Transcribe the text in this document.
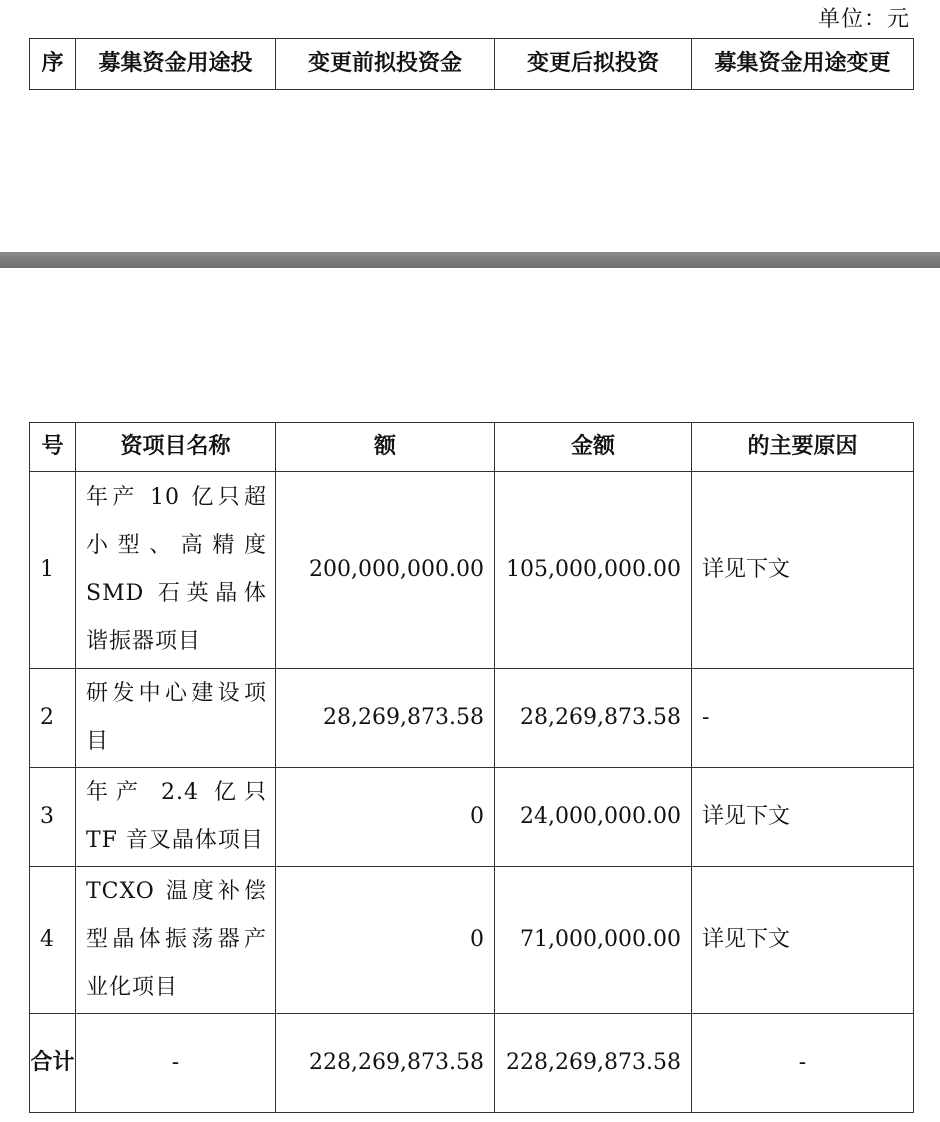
单位：元
序	募集资金用途投	变更前拟投资金	变更后拟投资	募集资金用途变更
号	资项目名称	额	金额	的主要原因
1	年产 10 亿只超小型、高精度 SMD 石英晶体谐振器项目	200,000,000.00	105,000,000.00	详见下文
2	研发中心建设项目	28,269,873.58	28,269,873.58	-
3	年产 2.4 亿只 TF 音叉晶体项目	0	24,000,000.00	详见下文
4	TCXO 温度补偿型晶体振荡器产业化项目	0	71,000,000.00	详见下文
合计	-	228,269,873.58	228,269,873.58	-
